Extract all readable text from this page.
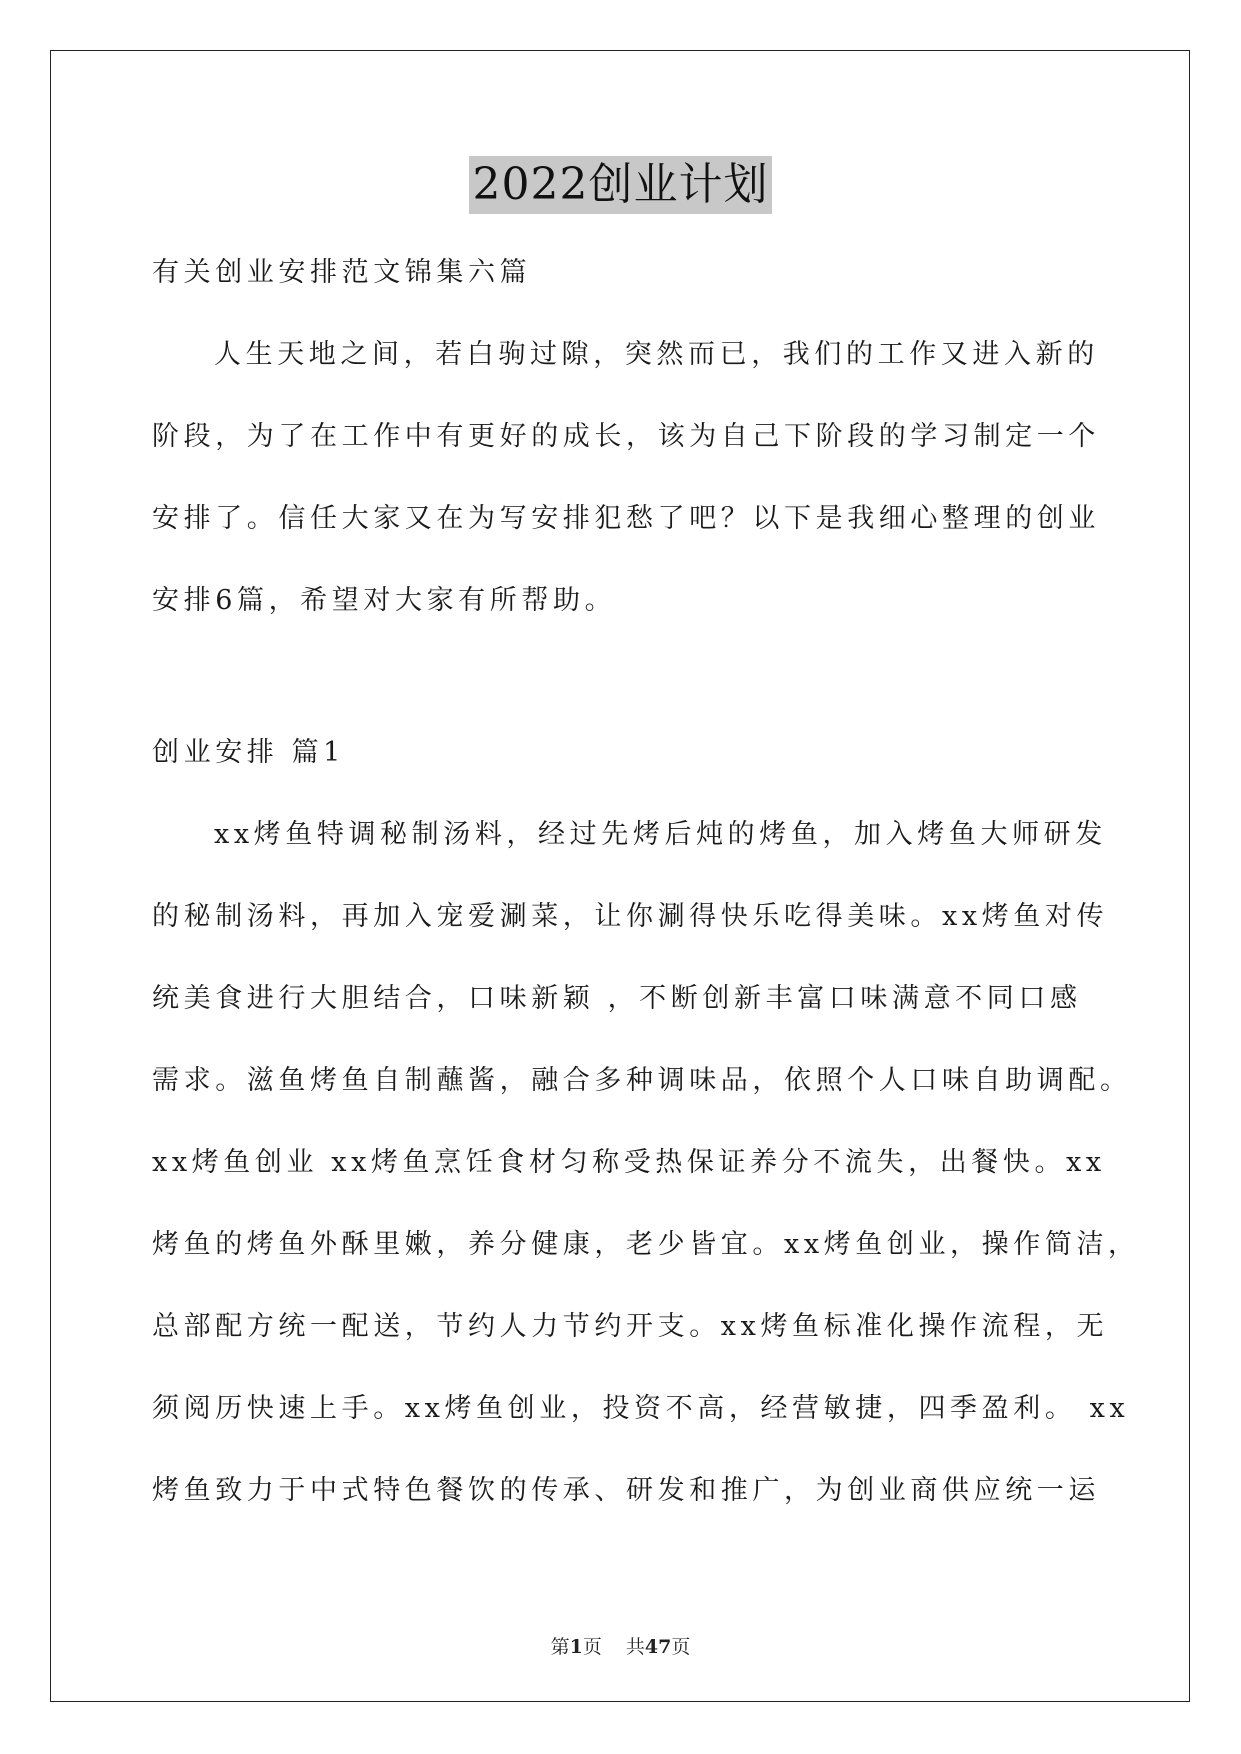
2022创业计划
有关创业安排范文锦集六篇
人生天地之间，若白驹过隙，突然而已，我们的工作又进入新的
阶段，为了在工作中有更好的成长，该为自己下阶段的学习制定一个
安排了。信任大家又在为写安排犯愁了吧？以下是我细心整理的创业
安排6篇，希望对大家有所帮助。
创业安排 篇1
xx烤鱼特调秘制汤料，经过先烤后炖的烤鱼，加入烤鱼大师研发
的秘制汤料，再加入宠爱涮菜，让你涮得快乐吃得美味。xx烤鱼对传
统美食进行大胆结合，口味新颖 ，不断创新丰富口味满意不同口感
需求。滋鱼烤鱼自制蘸酱，融合多种调味品，依照个人口味自助调配。
xx烤鱼创业 xx烤鱼烹饪食材匀称受热保证养分不流失，出餐快。xx
烤鱼的烤鱼外酥里嫩，养分健康，老少皆宜。xx烤鱼创业，操作简洁，
总部配方统一配送，节约人力节约开支。xx烤鱼标准化操作流程，无
须阅历快速上手。xx烤鱼创业，投资不高，经营敏捷，四季盈利。 xx
烤鱼致力于中式特色餐饮的传承、研发和推广，为创业商供应统一运
第1页 共47页
